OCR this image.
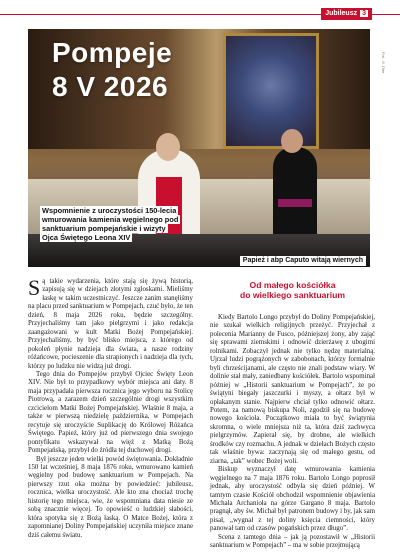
Jubileusz 3
Fot. © Dire
Pompeje
8 V 2026
Wspomnienie z uroczystości 150-lecia wmurowania kamienia węgielnego pod sanktuarium pompejańskie i wizyty Ojca Świętego Leona XIV
Papież i abp Caputo witają wiernych

Są takie wydarzenia, które stają się żywą historią, zapisują się w dziejach złotymi zgłoskami. Mieliśmy łaskę w takim uczestniczyć. Jeszcze zanim stanęliśmy na placu przed sanktuarium w Pompejach, czuć było, że ten dzień, 8 maja 2026 roku, będzie szczególny. Przyjechaliśmy tam jako pielgrzymi i jako redakcja zaangażowani w kult Matki Bożej Pompejańskiej. Przyjechaliśmy, by być blisko miejsca, z którego od pokoleń płynie nadzieja dla świata, a nasze rodziny różańcowe, pocieszenie dla strapionych i nadzieja dla tych, którzy po ludzku nie widzą już drogi.

Tego dnia do Pompejów przybył Ojciec Święty Leon XIV. Nie był to przypadkowy wybór miejsca ani daty. 8 maja przypadała pierwsza rocznica jego wyboru na Stolicę Piotrową, a zarazem dzień szczególnie drogi wszystkim czcicielom Matki Bożej Pompejańskiej. Właśnie 8 maja, a także w pierwszą niedzielę października, w Pompejach recytuje się uroczyście Suplikację do Królowej Różańca Świętego. Papież, który już od pierwszego dnia swojego pontyfikatu wskazywał na więź z Matką Bożą Pompejańską, przybył do źródła tej duchowej drogi.

Był jeszcze jeden wielki powód świętowania. Dokładnie 150 lat wcześniej, 8 maja 1876 roku, wmurowano kamień węgielny pod budowę sanktuarium w Pompejach. Na pierwszy rzut oka można by powiedzieć: jubileusz, rocznica, wielka uroczystość. Ale kto zna chociaż trochę historię tego miejsca, wie, że wspomniana data niesie ze sobą znacznie więcej. To opowieść o ludzkiej słabości, która spotyka się z Bożą łaską. O Matce Bożej, która z zapomnianej Doliny Pompejańskiej uczyniła miejsce znane dziś całemu światu.

Od małego kościółka
do wielkiego sanktuarium

Kiedy Bartolo Longo przybył do Doliny Pompejańskiej, nie szukał wielkich religijnych przeżyć. Przyjechał z polecenia Marianny de Fusco, późniejszej żony, aby zająć się sprawami ziemskimi i odnowić dzierżawę z ubogimi rolnikami. Zobaczył jednak nie tylko nędzę materialną. Ujrzał ludzi pogrążonych w zabobonach, którzy formalnie byli chrześcijanami, ale często nie znali podstaw wiary. W dolinie stał mały, zaniedbany kościółek. Bartolo wspominał później w „Historii sanktuarium w Pompejach”, że po świątyni biegały jaszczurki i myszy, a ołtarz był w opłakanym stanie. Najpierw chciał tylko odnowić ołtarz. Potem, za namową biskupa Noli, zgodził się na budowę nowego kościoła. Początkowo miała to być świątynia skromna, o wiele mniejsza niż ta, która dziś zachwyca pielgrzymów. Zapierał się, by drobne, ale wielkich środków czy rozmachu. A jednak w dziełach Bożych często tak właśnie bywa: zaczynają się od małego gestu, od ziarna, „tak” wobec Bożej woli.

Biskup wyznaczył datę wmurowania kamienia węgielnego na 7 maja 1876 roku. Bartolo Longo poprosił jednak, aby uroczystość odbyła się dzień później. W tamtym czasie Kościół obchodził wspomnienie objawienia Michała Archanioła na górze Gargano 8 maja. Bartolo pragnął, aby św. Michał był patronem budowy i by, jak sam pisał, „wygnał z tej doliny księcia ciemności, który panował tam od czasów pogańskich przez długo”.

Scena z tamtego dnia – jak ją pozostawił w „Historii sanktuarium w Pompejach” – ma w sobie przejmującą
